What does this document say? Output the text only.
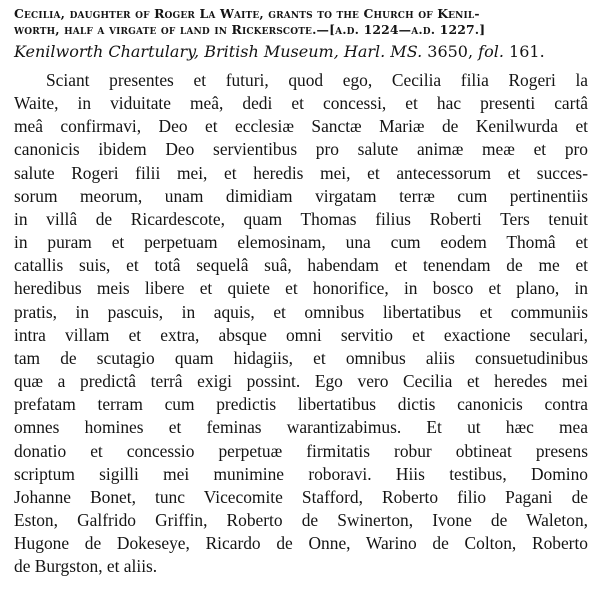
Cecilia, daughter of Roger La Waite, grants to the Church of Kenil-
worth, half a virgate of land in Rickerscote.—[a.d. 1224—a.d. 1227.]
Kenilworth Chartulary, British Museum, Harl. MS. 3650, fol. 161.
Sciant presentes et futuri, quod ego, Cecilia filia Rogeri la
Waite, in viduitate meâ, dedi et concessi, et hac presenti cartâ
meâ confirmavi, Deo et ecclesiæ Sanctæ Mariæ de Kenilwurda et
canonicis ibidem Deo servientibus pro salute animæ meæ et pro
salute Rogeri filii mei, et heredis mei, et antecessorum et succes-
sorum meorum, unam dimidiam virgatam terræ cum pertinentiis
in villâ de Ricardescote, quam Thomas filius Roberti Ters tenuit
in puram et perpetuam elemosinam, una cum eodem Thomâ et
catallis suis, et totâ sequelâ suâ, habendam et tenendam de me et
heredibus meis libere et quiete et honorifice, in bosco et plano, in
pratis, in pascuis, in aquis, et omnibus libertatibus et communiis
intra villam et extra, absque omni servitio et exactione seculari,
tam de scutagio quam hidagiis, et omnibus aliis consuetudinibus
quæ a predictâ terrâ exigi possint. Ego vero Cecilia et heredes mei
prefatam terram cum predictis libertatibus dictis canonicis contra
omnes homines et feminas warantizabimus. Et ut hæc mea
donatio et concessio perpetuæ firmitatis robur obtineat presens
scriptum sigilli mei munimine roboravi. Hiis testibus, Domino
Johanne Bonet, tunc Vicecomite Stafford, Roberto filio Pagani de
Eston, Galfrido Griffin, Roberto de Swinerton, Ivone de Waleton,
Hugone de Dokeseye, Ricardo de Onne, Warino de Colton, Roberto
de Burgston, et aliis.
